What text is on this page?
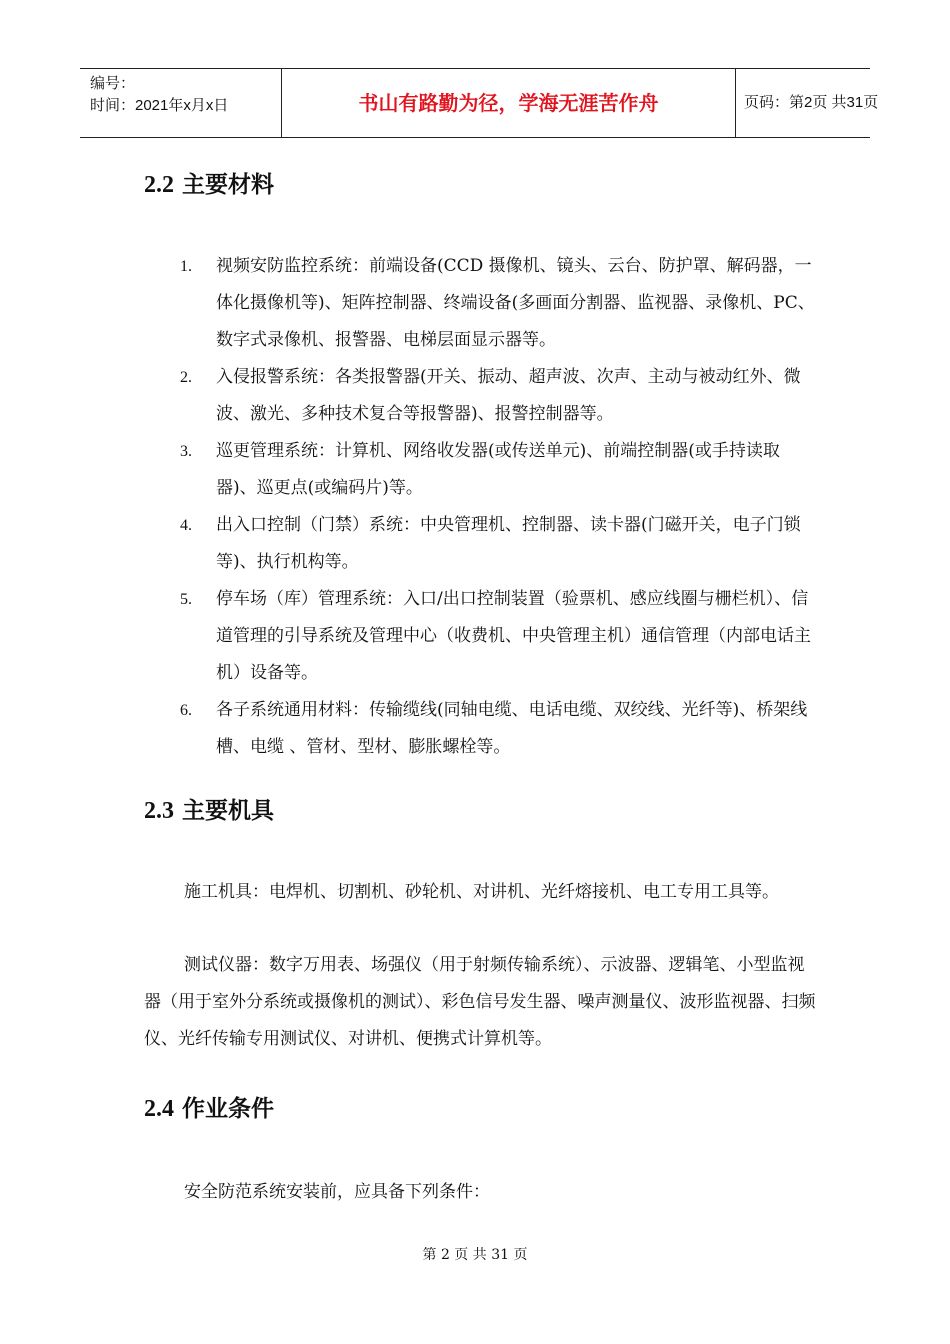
编号：
时间：2021年x月x日	书山有路勤为径，学海无涯苦作舟	页码：第2页 共31页
2.2 主要材料
1. 视频安防监控系统：前端设备(CCD 摄像机、镜头、云台、防护罩、解码器，一体化摄像机等)、矩阵控制器、终端设备(多画面分割器、监视器、录像机、PC、数字式录像机、报警器、电梯层面显示器等。
2. 入侵报警系统：各类报警器(开关、振动、超声波、次声、主动与被动红外、微波、激光、多种技术复合等报警器)、报警控制器等。
3. 巡更管理系统：计算机、网络收发器(或传送单元)、前端控制器(或手持读取器)、巡更点(或编码片)等。
4. 出入口控制（门禁）系统：中央管理机、控制器、读卡器(门磁开关，电子门锁等)、执行机构等。
5. 停车场（库）管理系统：入口/出口控制装置（验票机、感应线圈与栅栏机）、信道管理的引导系统及管理中心（收费机、中央管理主机）通信管理（内部电话主机）设备等。
6. 各子系统通用材料：传输缆线(同轴电缆、电话电缆、双绞线、光纤等)、桥架线槽、电缆 、管材、型材、膨胀螺栓等。
2.3 主要机具

施工机具：电焊机、切割机、砂轮机、对讲机、光纤熔接机、电工专用工具等。

测试仪器：数字万用表、场强仪（用于射频传输系统）、示波器、逻辑笔、小型监视器（用于室外分系统或摄像机的测试）、彩色信号发生器、噪声测量仪、波形监视器、扫频仪、光纤传输专用测试仪、对讲机、便携式计算机等。

2.4 作业条件

安全防范系统安装前，应具备下列条件：

第 2 页 共 31 页
